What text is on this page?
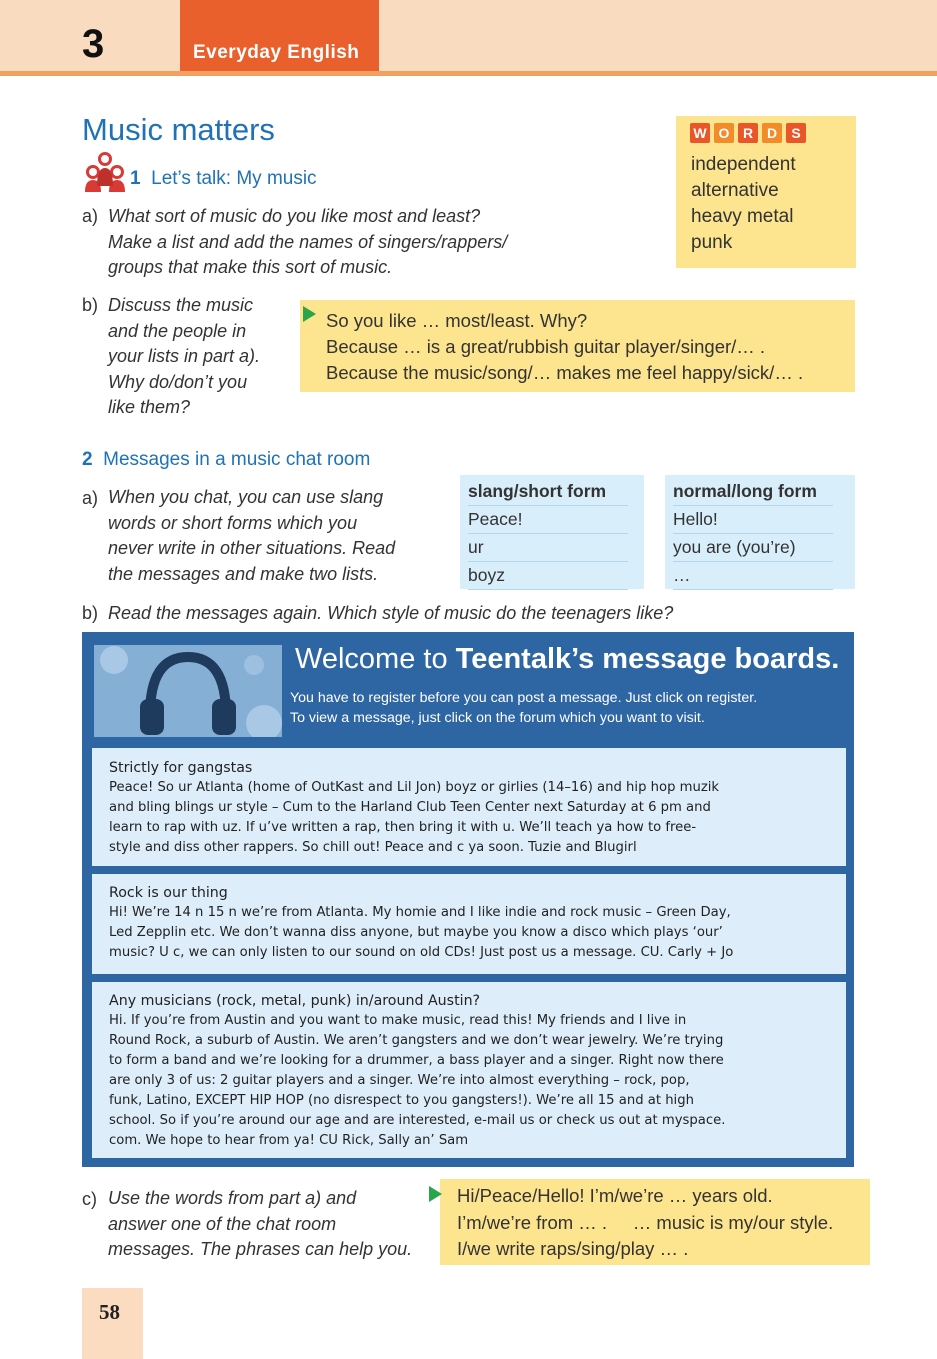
3	Everyday English
Music matters	W O R D S
independent
alternative
heavy metal
punk
1 Let’s talk: My music
a) What sort of music do you like most and least?
Make a list and add the names of singers/rappers/
groups that make this sort of music.
b) Discuss the music
and the people in
your lists in part a).
Why do/don’t you
like them?
So you like … most/least. Why?
Because … is a great/rubbish guitar player/singer/… .
Because the music/song/… makes me feel happy/sick/… .
2 Messages in a music chat room
a) When you chat, you can use slang
words or short forms which you
never write in other situations. Read
the messages and make two lists.
slang/short form
Peace!
ur
boyz
normal/long form
Hello!
you are (you’re)
…
b) Read the messages again. Which style of music do the teenagers like?
Welcome to Teentalk’s message boards.
You have to register before you can post a message. Just click on register.
To view a message, just click on the forum which you want to visit.
Strictly for gangstas
Peace! So ur Atlanta (home of OutKast and Lil Jon) boyz or girlies (14–16) and hip hop muzik
and bling blings ur style – Cum to the Harland Club Teen Center next Saturday at 6 pm and
learn to rap with uz. If u’ve written a rap, then bring it with u. We’ll teach ya how to free-
style and diss other rappers. So chill out! Peace and c ya soon. Tuzie and Blugirl
Rock is our thing
Hi! We’re 14 n 15 n we’re from Atlanta. My homie and I like indie and rock music – Green Day,
Led Zepplin etc. We don’t wanna diss anyone, but maybe you know a disco which plays ‘our’
music? U c, we can only listen to our sound on old CDs! Just post us a message. CU. Carly + Jo
Any musicians (rock, metal, punk) in/around Austin?
Hi. If you’re from Austin and you want to make music, read this! My friends and I live in
Round Rock, a suburb of Austin. We aren’t gangsters and we don’t wear jewelry. We’re trying
to form a band and we’re looking for a drummer, a bass player and a singer. Right now there
are only 3 of us: 2 guitar players and a singer. We’re into almost everything – rock, pop,
funk, Latino, EXCEPT HIP HOP (no disrespect to you gangsters!). We’re all 15 and at high
school. So if you’re around our age and are interested, e-mail us or check us out at myspace.
com. We hope to hear from ya! CU Rick, Sally an’ Sam
c) Use the words from part a) and
answer one of the chat room
messages. The phrases can help you.
Hi/Peace/Hello! I’m/we’re … years old.
I’m/we’re from … .     … music is my/our style.
I/we write raps/sing/play … .
58
